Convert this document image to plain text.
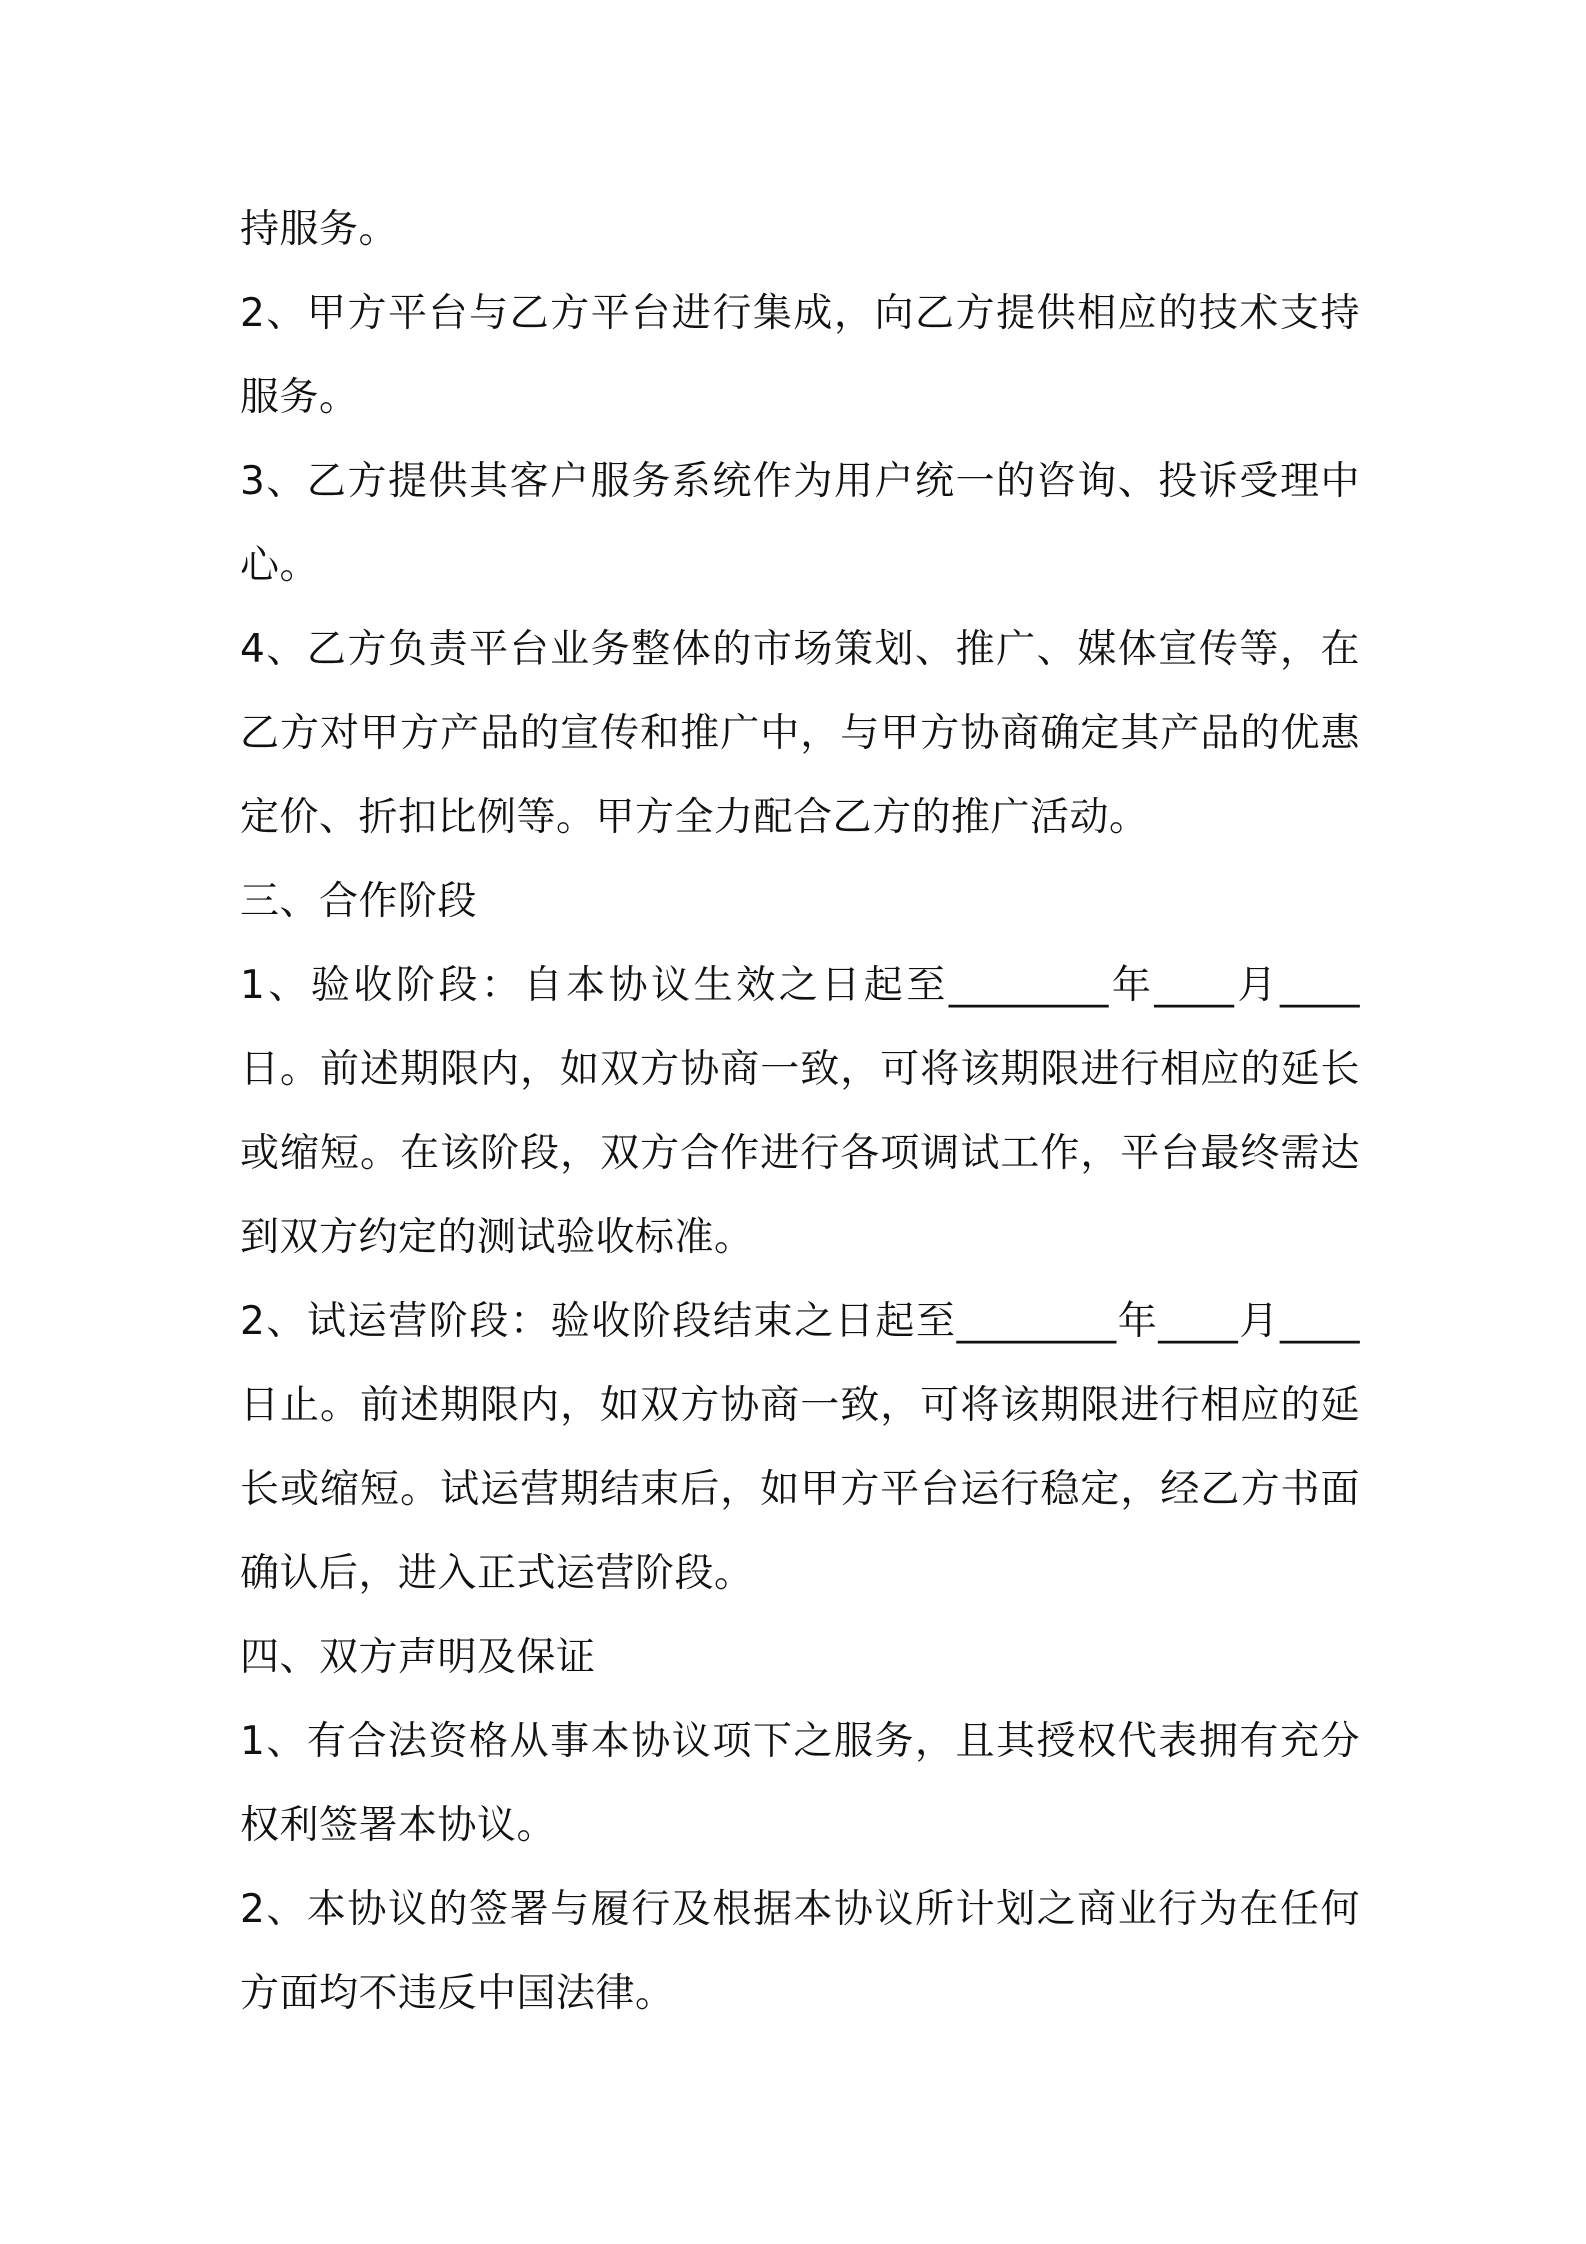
持服务。

2、甲方平台与乙方平台进行集成，向乙方提供相应的技术支持服务。

3、乙方提供其客户服务系统作为用户统一的咨询、投诉受理中心。

4、乙方负责平台业务整体的市场策划、推广、媒体宣传等，在乙方对甲方产品的宣传和推广中，与甲方协商确定其产品的优惠定价、折扣比例等。甲方全力配合乙方的推广活动。

三、合作阶段

1、验收阶段：自本协议生效之日起至________年____月____日。前述期限内，如双方协商一致，可将该期限进行相应的延长或缩短。在该阶段，双方合作进行各项调试工作，平台最终需达到双方约定的测试验收标准。

2、试运营阶段：验收阶段结束之日起至________年____月____日止。前述期限内，如双方协商一致，可将该期限进行相应的延长或缩短。试运营期结束后，如甲方平台运行稳定，经乙方书面确认后，进入正式运营阶段。

四、双方声明及保证

1、有合法资格从事本协议项下之服务，且其授权代表拥有充分权利签署本协议。

2、本协议的签署与履行及根据本协议所计划之商业行为在任何方面均不违反中国法律。
